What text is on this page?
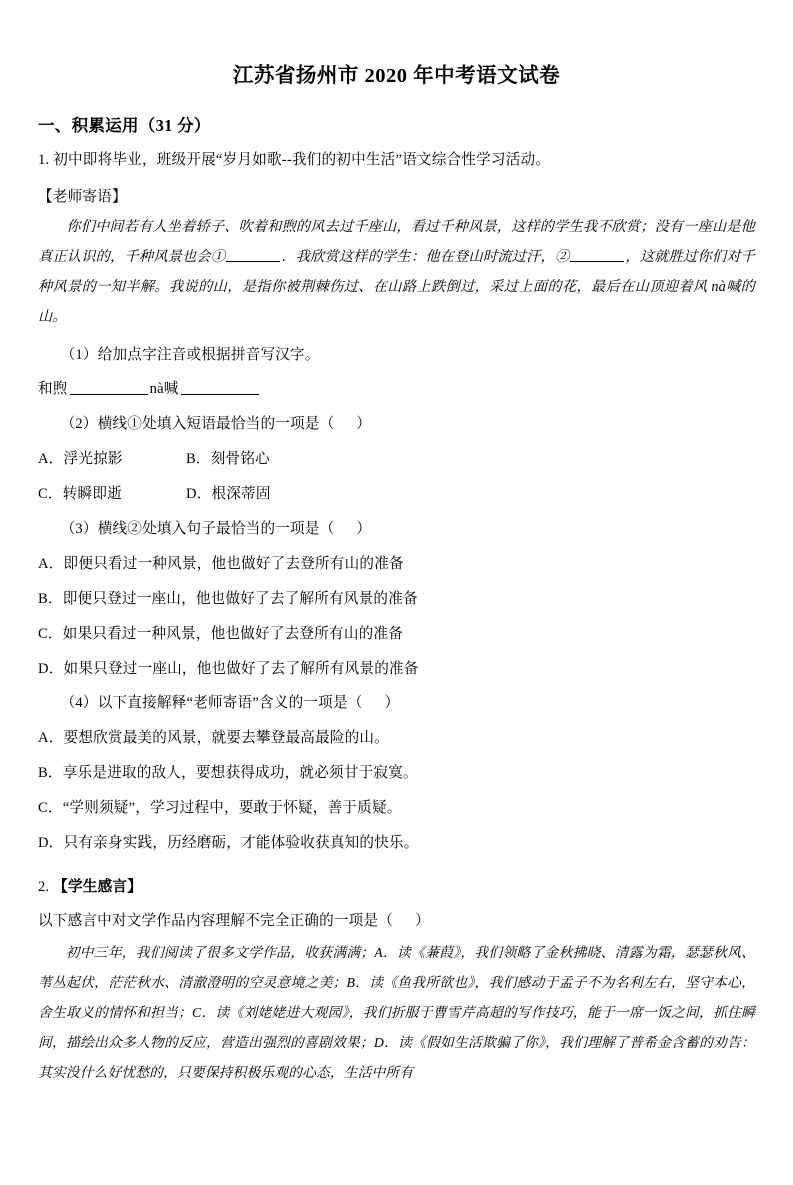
江苏省扬州市 2020 年中考语文试卷
一、积累运用（31 分）
1. 初中即将毕业，班级开展“岁月如歌--我们的初中生活”语文综合性学习活动。
【老师寄语】

你们中间若有人坐着轿子、吹着和煦的风去过千座山，看过千种风景，这样的学生我不欣赏；没有一座山是他真正认识的，千种风景也会①	．我欣赏这样的学生：他在登山时流过汗，②	，这就胜过你们对千种风景的一知半解。我说的山，是指你被荆棘伤过、在山路上跌倒过，采过上面的花，最后在山顶迎着风 nà喊的山。

（1）给加点字注音或根据拼音写汉字。
和煦	nà喊
（2）横线①处填入短语最恰当的一项是（ ）
A．浮光掠影	B．刻骨铭心
C．转瞬即逝	D．根深蒂固
（3）横线②处填入句子最恰当的一项是（ ）
A．即便只看过一种风景，他也做好了去登所有山的准备
B．即便只登过一座山，他也做好了去了解所有风景的准备
C．如果只看过一种风景，他也做好了去登所有山的准备
D．如果只登过一座山，他也做好了去了解所有风景的准备
（4）以下直接解释“老师寄语”含义的一项是（ ）
A．要想欣赏最美的风景，就要去攀登最高最险的山。
B．享乐是进取的敌人，要想获得成功，就必须甘于寂寞。
C．“学则须疑”，学习过程中，要敢于怀疑，善于质疑。
D．只有亲身实践，历经磨砺，才能体验收获真知的快乐。
2. 【学生感言】
以下感言中对文学作品内容理解不完全正确的一项是（ ）

初中三年，我们阅读了很多文学作品，收获满满；A．读《蒹葭》，我们领略了金秋拂晓、清露为霜，瑟瑟秋风、苇丛起伏，茫茫秋水、清澈澄明的空灵意境之美；B．读《鱼我所欲也》，我们感动于孟子不为名利左右，坚守本心，舍生取义的情怀和担当；C．读《刘姥姥进大观园》，我们折服于曹雪芹高超的写作技巧，能于一席一饭之间，抓住瞬间，描绘出众多人物的反应，营造出强烈的喜剧效果；D．读《假如生活欺骗了你》，我们理解了普希金含蓄的劝告：其实没什么好忧愁的，只要保持积极乐观的心态，生活中所有
